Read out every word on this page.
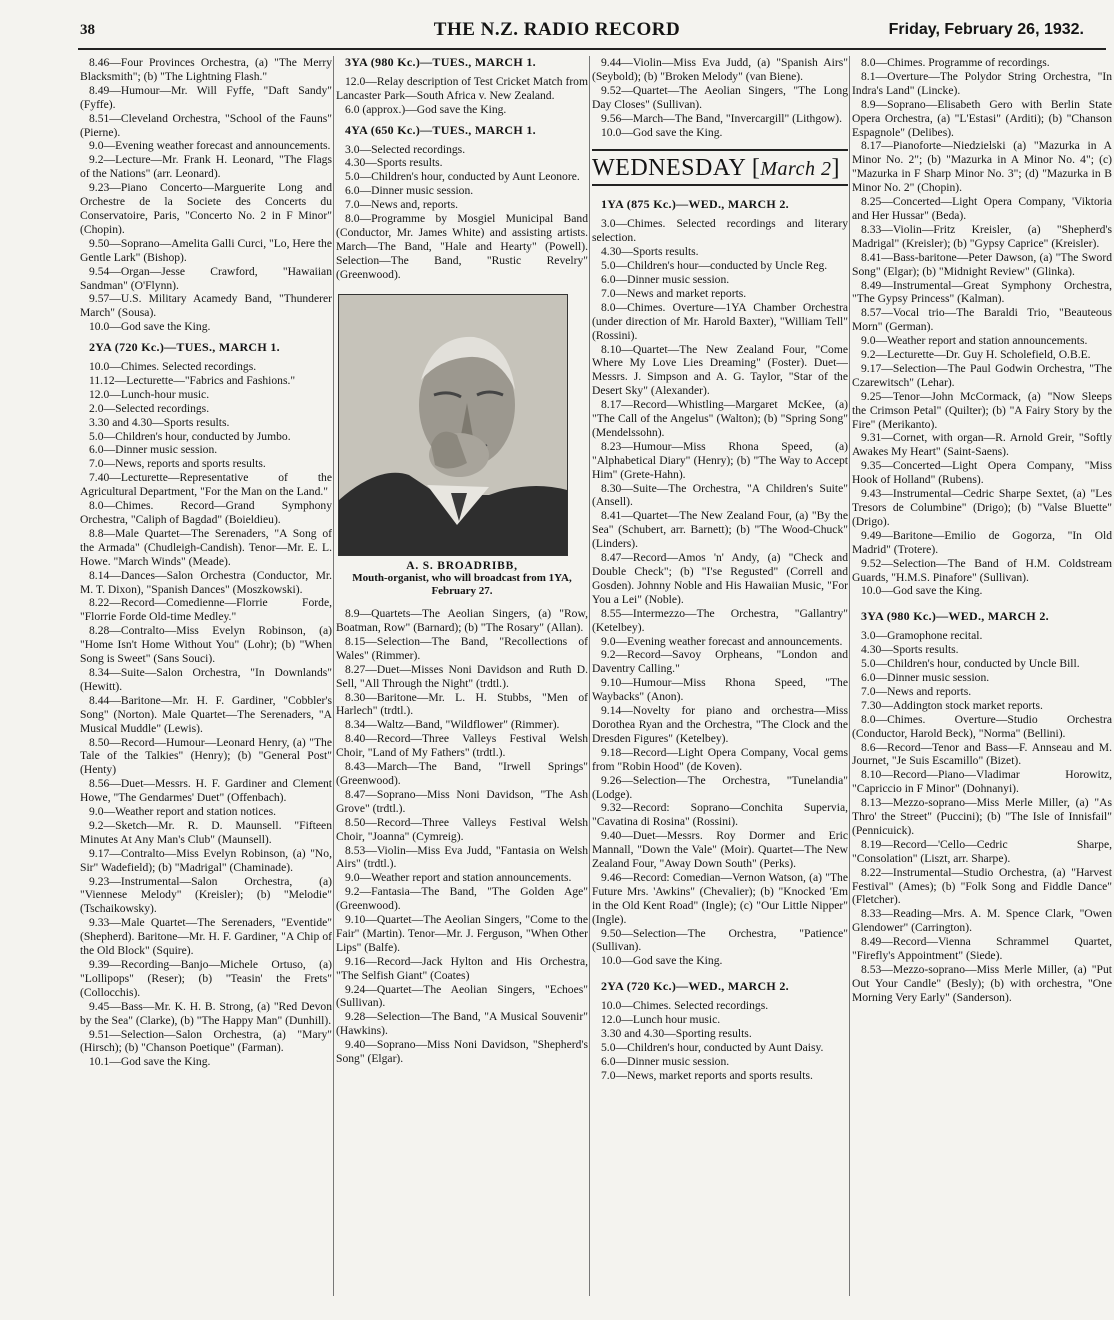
38	THE N.Z. RADIO RECORD	Friday, February 26, 1932.

8.46—Four Provinces Orchestra, (a) "The Merry Blacksmith"; (b) "The Lightning Flash."

8.49—Humour—Mr. Will Fyffe, "Daft Sandy" (Fyffe).

8.51—Cleveland Orchestra, "School of the Fauns" (Pierne).

9.0—Evening weather forecast and announcements.

9.2—Lecture—Mr. Frank H. Leonard, "The Flags of the Nations" (arr. Leonard).

9.23—Piano Concerto—Marguerite Long and Orchestre de la Societe des Concerts du Conservatoire, Paris, "Concerto No. 2 in F Minor" (Chopin).

9.50—Soprano—Amelita Galli Curci, "Lo, Here the Gentle Lark" (Bishop).

9.54—Organ—Jesse Crawford, "Hawaiian Sandman" (O'Flynn).

9.57—U.S. Military Acamedy Band, "Thunderer March" (Sousa).

10.0—God save the King.

2YA (720 Kc.)—TUES., MARCH 1.

10.0—Chimes. Selected recordings.

11.12—Lecturette—"Fabrics and Fashions."

12.0—Lunch-hour music.

2.0—Selected recordings.

3.30 and 4.30—Sports results.

5.0—Children's hour, conducted by Jumbo.

6.0—Dinner music session.

7.0—News, reports and sports results.

7.40—Lecturette—Representative of the Agricultural Department, "For the Man on the Land."

8.0—Chimes. Record—Grand Symphony Orchestra, "Caliph of Bagdad" (Boieldieu).

8.8—Male Quartet—The Serenaders, "A Song of the Armada" (Chudleigh-Candish). Tenor—Mr. E. L. Howe. "March Winds" (Meade).

8.14—Dances—Salon Orchestra (Conductor, Mr. M. T. Dixon), "Spanish Dances" (Moszkowski).

8.22—Record—Comedienne—Florrie Forde, "Florrie Forde Old-time Medley."

8.28—Contralto—Miss Evelyn Robinson, (a) "Home Isn't Home Without You" (Lohr); (b) "When Song is Sweet" (Sans Souci).

8.34—Suite—Salon Orchestra, "In Downlands" (Hewitt).

8.44—Baritone—Mr. H. F. Gardiner, "Cobbler's Song" (Norton). Male Quartet—The Serenaders, "A Musical Muddle" (Lewis).

8.50—Record—Humour—Leonard Henry, (a) "The Tale of the Talkies" (Henry); (b) "General Post" (Henty)

8.56—Duet—Messrs. H. F. Gardiner and Clement Howe, "The Gendarmes' Duet" (Offenbach).

9.0—Weather report and station notices.

9.2—Sketch—Mr. R. D. Maunsell. "Fifteen Minutes At Any Man's Club" (Maunsell).

9.17—Contralto—Miss Evelyn Robinson, (a) "No, Sir" Wadefield); (b) "Madrigal" (Chaminade).

9.23—Instrumental—Salon Orchestra, (a) "Viennese Melody" (Kreisler); (b) "Melodie" (Tschaikowsky).

9.33—Male Quartet—The Serenaders, "Eventide" (Shepherd). Baritone—Mr. H. F. Gardiner, "A Chip of the Old Block" (Squire).

9.39—Recording—Banjo—Michele Ortuso, (a) "Lollipops" (Reser); (b) "Teasin' the Frets" (Collocchis).

9.45—Bass—Mr. K. H. B. Strong, (a) "Red Devon by the Sea" (Clarke), (b) "The Happy Man" (Dunhill).

9.51—Selection—Salon Orchestra, (a) "Mary" (Hirsch); (b) "Chanson Poetique" (Farman).

10.1—God save the King.

3YA (980 Kc.)—TUES., MARCH 1.

12.0—Relay description of Test Cricket Match from Lancaster Park—South Africa v. New Zealand.

6.0 (approx.)—God save the King.

4YA (650 Kc.)—TUES., MARCH 1.

3.0—Selected recordings.

4.30—Sports results.

5.0—Children's hour, conducted by Aunt Leonore.

6.0—Dinner music session.

7.0—News and, reports.

8.0—Programme by Mosgiel Municipal Band (Conductor, Mr. James White) and assisting artists. March—The Band, "Hale and Hearty" (Powell). Selection—The Band, "Rustic Revelry" (Greenwood).

A. S. BROADRIBB,
Mouth-organist, who will broadcast from 1YA, February 27.

8.9—Quartets—The Aeolian Singers, (a) "Row, Boatman, Row" (Barnard); (b) "The Rosary" (Allan).

8.15—Selection—The Band, "Recollections of Wales" (Rimmer).

8.27—Duet—Misses Noni Davidson and Ruth D. Sell, "All Through the Night" (trdtl.).

8.30—Baritone—Mr. L. H. Stubbs, "Men of Harlech" (trdtl.).

8.34—Waltz—Band, "Wildflower" (Rimmer).

8.40—Record—Three Valleys Festival Welsh Choir, "Land of My Fathers" (trdtl.).

8.43—March—The Band, "Irwell Springs" (Greenwood).

8.47—Soprano—Miss Noni Davidson, "The Ash Grove" (trdtl.).

8.50—Record—Three Valleys Festival Welsh Choir, "Joanna" (Cymreig).

8.53—Violin—Miss Eva Judd, "Fantasia on Welsh Airs" (trdtl.).

9.0—Weather report and station announcements.

9.2—Fantasia—The Band, "The Golden Age" (Greenwood).

9.10—Quartet—The Aeolian Singers, "Come to the Fair" (Martin). Tenor—Mr. J. Ferguson, "When Other Lips" (Balfe).

9.16—Record—Jack Hylton and His Orchestra, "The Selfish Giant" (Coates)

9.24—Quartet—The Aeolian Singers, "Echoes" (Sullivan).

9.28—Selection—The Band, "A Musical Souvenir" (Hawkins).

9.40—Soprano—Miss Noni Davidson, "Shepherd's Song" (Elgar).

9.44—Violin—Miss Eva Judd, (a) "Spanish Airs" (Seybold); (b) "Broken Melody" (van Biene).

9.52—Quartet—The Aeolian Singers, "The Long Day Closes" (Sullivan).

9.56—March—The Band, "Invercargill" (Lithgow).

10.0—God save the King.

WEDNESDAY [March 2]
1YA (875 Kc.)—WED., MARCH 2.

3.0—Chimes. Selected recordings and literary selection.

4.30—Sports results.

5.0—Children's hour—conducted by Uncle Reg.

6.0—Dinner music session.

7.0—News and market reports.

8.0—Chimes. Overture—1YA Chamber Orchestra (under direction of Mr. Harold Baxter), "William Tell" (Rossini).

8.10—Quartet—The New Zealand Four, "Come Where My Love Lies Dreaming" (Foster). Duet—Messrs. J. Simpson and A. G. Taylor, "Star of the Desert Sky" (Alexander).

8.17—Record—Whistling—Margaret McKee, (a) "The Call of the Angelus" (Walton); (b) "Spring Song" (Mendelssohn).

8.23—Humour—Miss Rhona Speed, (a) "Alphabetical Diary" (Henry); (b) "The Way to Accept Him" (Grete-Hahn).

8.30—Suite—The Orchestra, "A Children's Suite" (Ansell).

8.41—Quartet—The New Zealand Four, (a) "By the Sea" (Schubert, arr. Barnett); (b) "The Wood-Chuck" (Linders).

8.47—Record—Amos 'n' Andy, (a) "Check and Double Check"; (b) "I'se Regusted" (Correll and Gosden). Johnny Noble and His Hawaiian Music, "For You a Lei" (Noble).

8.55—Intermezzo—The Orchestra, "Gallantry" (Ketelbey).

9.0—Evening weather forecast and announcements.

9.2—Record—Savoy Orpheans, "London and Daventry Calling."

9.10—Humour—Miss Rhona Speed, "The Waybacks" (Anon).

9.14—Novelty for piano and orchestra—Miss Dorothea Ryan and the Orchestra, "The Clock and the Dresden Figures" (Ketelbey).

9.18—Record—Light Opera Company, Vocal gems from "Robin Hood" (de Koven).

9.26—Selection—The Orchestra, "Tunelandia" (Lodge).

9.32—Record: Soprano—Conchita Supervia, "Cavatina di Rosina" (Rossini).

9.40—Duet—Messrs. Roy Dormer and Eric Mannall, "Down the Vale" (Moir). Quartet—The New Zealand Four, "Away Down South" (Perks).

9.46—Record: Comedian—Vernon Watson, (a) "The Future Mrs. 'Awkins" (Chevalier); (b) "Knocked 'Em in the Old Kent Road" (Ingle); (c) "Our Little Nipper" (Ingle).

9.50—Selection—The Orchestra, "Patience" (Sullivan).

10.0—God save the King.

2YA (720 Kc.)—WED., MARCH 2.

10.0—Chimes. Selected recordings.

12.0—Lunch hour music.

3.30 and 4.30—Sporting results.

5.0—Children's hour, conducted by Aunt Daisy.

6.0—Dinner music session.

7.0—News, market reports and sports results.

8.0—Chimes. Programme of recordings.

8.1—Overture—The Polydor String Orchestra, "In Indra's Land" (Lincke).

8.9—Soprano—Elisabeth Gero with Berlin State Opera Orchestra, (a) "L'Estasi" (Arditi); (b) "Chanson Espagnole" (Delibes).

8.17—Pianoforte—Niedzielski (a) "Mazurka in A Minor No. 2"; (b) "Mazurka in A Minor No. 4"; (c) "Mazurka in F Sharp Minor No. 3"; (d) "Mazurka in B Minor No. 2" (Chopin).

8.25—Concerted—Light Opera Company, 'Viktoria and Her Hussar" (Beda).

8.33—Violin—Fritz Kreisler, (a) "Shepherd's Madrigal" (Kreisler); (b) "Gypsy Caprice" (Kreisler).

8.41—Bass-baritone—Peter Dawson, (a) "The Sword Song" (Elgar); (b) "Midnight Review" (Glinka).

8.49—Instrumental—Great Symphony Orchestra, "The Gypsy Princess" (Kalman).

8.57—Vocal trio—The Baraldi Trio, "Beauteous Morn" (German).

9.0—Weather report and station announcements.

9.2—Lecturette—Dr. Guy H. Scholefield, O.B.E.

9.17—Selection—The Paul Godwin Orchestra, "The Czarewitsch" (Lehar).

9.25—Tenor—John McCormack, (a) "Now Sleeps the Crimson Petal" (Quilter); (b) "A Fairy Story by the Fire" (Merikanto).

9.31—Cornet, with organ—R. Arnold Greir, "Softly Awakes My Heart" (Saint-Saens).

9.35—Concerted—Light Opera Company, "Miss Hook of Holland" (Rubens).

9.43—Instrumental—Cedric Sharpe Sextet, (a) "Les Tresors de Columbine" (Drigo); (b) "Valse Bluette" (Drigo).

9.49—Baritone—Emilio de Gogorza, "In Old Madrid" (Trotere).

9.52—Selection—The Band of H.M. Coldstream Guards, "H.M.S. Pinafore" (Sullivan).

10.0—God save the King.

3YA (980 Kc.)—WED., MARCH 2.

3.0—Gramophone recital.

4.30—Sports results.

5.0—Children's hour, conducted by Uncle Bill.

6.0—Dinner music session.

7.0—News and reports.

7.30—Addington stock market reports.

8.0—Chimes. Overture—Studio Orchestra (Conductor, Harold Beck), "Norma" (Bellini).

8.6—Record—Tenor and Bass—F. Annseau and M. Journet, "Je Suis Escamillo" (Bizet).

8.10—Record—Piano—Vladimar Horowitz, "Capriccio in F Minor" (Dohnanyi).

8.13—Mezzo-soprano—Miss Merle Miller, (a) "As Thro' the Street" (Puccini); (b) "The Isle of Innisfail" (Pennicuick).

8.19—Record—'Cello—Cedric Sharpe, "Consolation" (Liszt, arr. Sharpe).

8.22—Instrumental—Studio Orchestra, (a) "Harvest Festival" (Ames); (b) "Folk Song and Fiddle Dance" (Fletcher).

8.33—Reading—Mrs. A. M. Spence Clark, "Owen Glendower" (Carrington).

8.49—Record—Vienna Schrammel Quartet, "Firefly's Appointment" (Siede).

8.53—Mezzo-soprano—Miss Merle Miller, (a) "Put Out Your Candle" (Besly); (b) with orchestra, "One Morning Very Early" (Sanderson).
